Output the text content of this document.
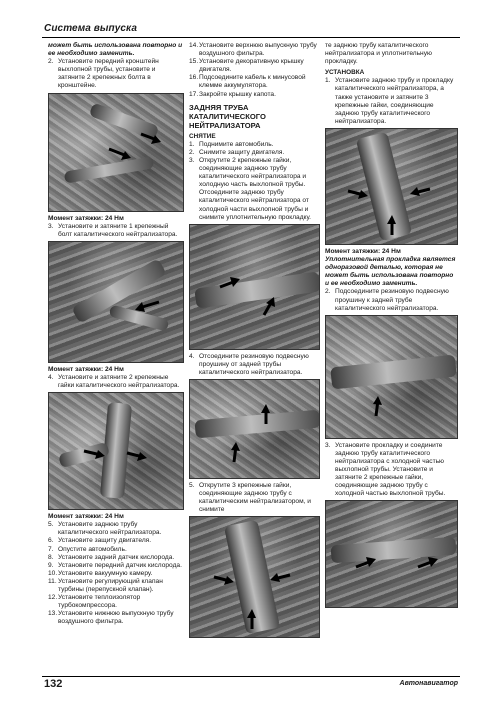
Система выпуска
может быть использована повторно и ее необходимо заменить.
2. Установите передний кронштейн выхлопной трубы, установите и затяните 2 крепежных болта в кронштейне.
Момент затяжки: 24 Нм
3. Установите и затяните 1 крепежный болт каталитического нейтрализатора.
Момент затяжки: 24 Нм
4. Установите и затяните 2 крепежные гайки каталитического нейтрализатора.
Момент затяжки: 24 Нм
5. Установите заднюю трубу каталитического нейтрализатора.
6. Установите защиту двигателя.
7. Опустите автомобиль.
8. Установите задний датчик кислорода.
9. Установите передний датчик кислорода.
10. Установите вакуумную камеру.
11. Установите регулирующий клапан турбины (перепускной клапан).
12. Установите теплоизолятор турбокомпрессора.
13. Установите нижнюю выпускную трубу воздушного фильтра.
14. Установите верхнюю выпускную трубу воздушного фильтра.
15. Установите декоративную крышку двигателя.
16. Подсоедините кабель к минусовой клемме аккумулятора.
17. Закройте крышку капота.
ЗАДНЯЯ ТРУБА КАТАЛИТИЧЕСКОГО НЕЙТРАЛИЗАТОРА
СНЯТИЕ
1. Поднимите автомобиль.
2. Снимите защиту двигателя.
3. Открутите 2 крепежные гайки, соединяющие заднюю трубу каталитического нейтрализатора и холодную часть выхлопной трубы. Отсоедините заднюю трубу каталитического нейтрализатора от холодной части выхлопной трубы и снимите уплотнительную прокладку.
4. Отсоедините резиновую подвесную проушину от задней трубы каталитического нейтрализатора.
5. Открутите 3 крепежные гайки, соединяющие заднюю трубу с каталитическим нейтрализатором, и снимите
те заднюю трубу каталитического нейтрализатора и уплотнительную прокладку.
УСТАНОВКА
1. Установите заднюю трубу и прокладку каталитического нейтрализатора, а также установите и затяните 3 крепежные гайки, соединяющие заднюю трубу каталитического нейтрализатора.
Момент затяжки: 24 Нм
Уплотнительная прокладка является одноразовой деталью, которая не может быть использована повторно и ее необходимо заменить.
2. Подсоедините резиновую подвесную проушину к задней трубе каталитического нейтрализатора.
3. Установите прокладку и соедините заднюю трубу каталитического нейтрализатора с холодной частью выхлопной трубы. Установите и затяните 2 крепежные гайки, соединяющие заднюю трубу с холодной частью выхлопной трубы.
132	Автонавигатор
